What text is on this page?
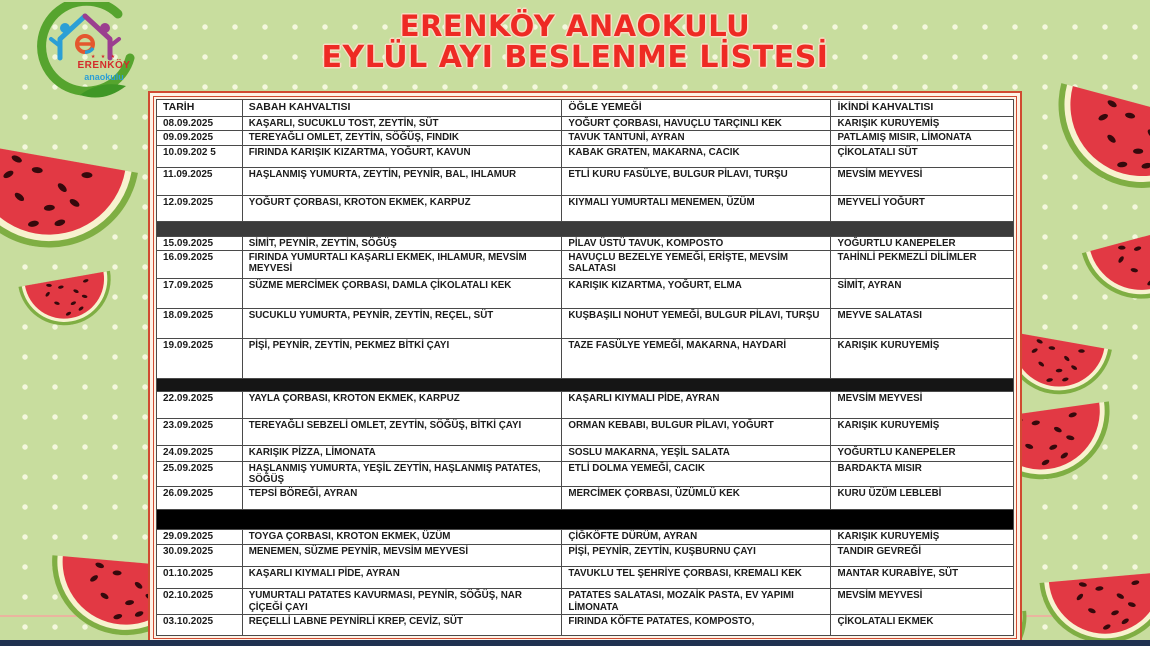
★ ★ ★
ERENKÖY
anaokulu
ERENKÖY ANAOKULU
EYLÜL AYI BESLENME LİSTESİ
TARİH	SABAH KAHVALTISI	ÖĞLE YEMEĞİ	İKİNDİ KAHVALTISI
08.09.2025	KAŞARLI, SUCUKLU TOST, ZEYTİN, SÜT	YOĞURT ÇORBASI, HAVUÇLU TARÇINLI KEK	KARIŞIK KURUYEMİŞ
09.09.2025	TEREYAĞLI OMLET, ZEYTİN, SÖĞÜŞ, FINDIK	TAVUK TANTUNİ, AYRAN	PATLAMIŞ MISIR, LİMONATA
10.09.202 5	FIRINDA KARIŞIK KIZARTMA, YOĞURT, KAVUN	KABAK GRATEN, MAKARNA, CACIK	ÇİKOLATALI SÜT
11.09.2025	HAŞLANMIŞ YUMURTA, ZEYTİN, PEYNİR, BAL, IHLAMUR	ETLİ KURU FASÜLYE, BULGUR PİLAVI, TURŞU	MEVSİM MEYVESİ
12.09.2025	YOĞURT ÇORBASI, KROTON EKMEK, KARPUZ	KIYMALI YUMURTALI MENEMEN, ÜZÜM	MEYVELİ YOĞURT

15.09.2025	SİMİT, PEYNİR, ZEYTİN, SÖĞÜŞ	PİLAV ÜSTÜ TAVUK, KOMPOSTO	YOĞURTLU KANEPELER
16.09.2025	FIRINDA YUMURTALI KAŞARLI EKMEK, IHLAMUR, MEVSİM MEYVESİ	HAVUÇLU BEZELYE YEMEĞİ, ERİŞTE, MEVSİM SALATASI	TAHİNLİ PEKMEZLİ DİLİMLER
17.09.2025	SÜZME MERCİMEK ÇORBASI, DAMLA ÇİKOLATALI KEK	KARIŞIK KIZARTMA, YOĞURT, ELMA	SİMİT, AYRAN
18.09.2025	SUCUKLU YUMURTA, PEYNİR, ZEYTİN, REÇEL, SÜT	KUŞBAŞILI NOHUT YEMEĞİ, BULGUR PİLAVI, TURŞU	MEYVE SALATASI
19.09.2025	PİŞİ, PEYNİR, ZEYTİN, PEKMEZ BİTKİ ÇAYI	TAZE FASÜLYE YEMEĞİ, MAKARNA, HAYDARİ	KARIŞIK KURUYEMİŞ

22.09.2025	YAYLA ÇORBASI, KROTON EKMEK, KARPUZ	KAŞARLI KIYMALI PİDE, AYRAN	MEVSİM MEYVESİ
23.09.2025	TEREYAĞLI SEBZELİ OMLET, ZEYTİN, SÖĞÜŞ, BİTKİ ÇAYI	ORMAN KEBABI, BULGUR PİLAVI, YOĞURT	KARIŞIK KURUYEMİŞ
24.09.2025	KARIŞIK PİZZA, LİMONATA	SOSLU MAKARNA, YEŞİL SALATA	YOĞURTLU KANEPELER
25.09.2025	HAŞLANMIŞ YUMURTA, YEŞİL ZEYTİN, HAŞLANMIŞ PATATES, SÖĞÜŞ	ETLİ DOLMA YEMEĞİ, CACIK	BARDAKTA MISIR
26.09.2025	TEPSİ BÖREĞİ, AYRAN	MERCİMEK ÇORBASI, ÜZÜMLÜ KEK	KURU ÜZÜM LEBLEBİ

29.09.2025	TOYGA ÇORBASI, KROTON EKMEK, ÜZÜM	ÇİĞKÖFTE DÜRÜM, AYRAN	KARIŞIK KURUYEMİŞ
30.09.2025	MENEMEN, SÜZME PEYNİR, MEVSİM MEYVESİ	PİŞİ, PEYNİR, ZEYTİN, KUŞBURNU ÇAYI	TANDIR GEVREĞİ
01.10.2025	KAŞARLI KIYMALI PİDE, AYRAN	TAVUKLU TEL ŞEHRİYE ÇORBASI, KREMALI KEK	MANTAR KURABİYE, SÜT
02.10.2025	YUMURTALI PATATES KAVURMASI, PEYNİR, SÖĞÜŞ, NAR ÇİÇEĞİ ÇAYI	PATATES SALATASI, MOZAİK PASTA, EV YAPIMI LİMONATA	MEVSİM MEYVESİ
03.10.2025	REÇELLİ LABNE PEYNİRLİ KREP, CEVİZ, SÜT	FIRINDA KÖFTE PATATES, KOMPOSTO,	ÇİKOLATALI EKMEK
